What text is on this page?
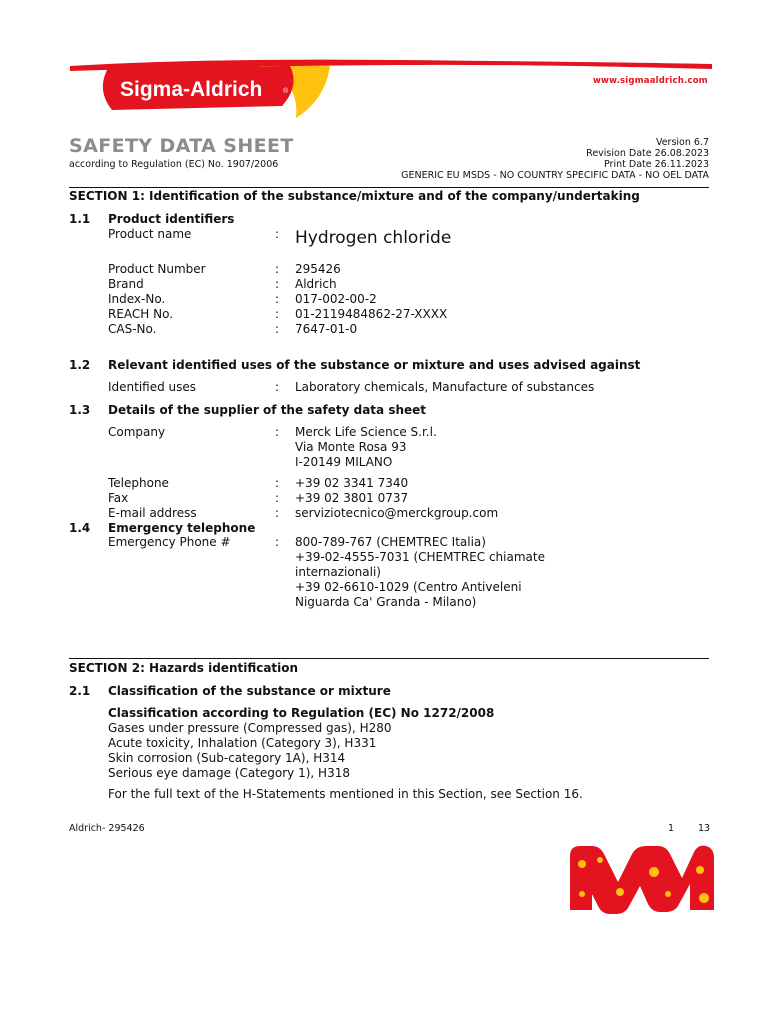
Sigma-Aldrich	®
www.sigmaaldrich.com
SAFETY DATA SHEET
according to Regulation (EC) No. 1907/2006
Version 6.7
Revision Date 26.08.2023
Print Date 26.11.2023
GENERIC EU MSDS - NO COUNTRY SPECIFIC DATA - NO OEL DATA
SECTION 1: Identification of the substance/mixture and of the company/undertaking
1.1 Product identifiers
Product name	: Hydrogen chloride
Product Number	: 295426
Brand	: Aldrich
Index-No.	: 017-002-00-2
REACH No.	: 01-2119484862-27-XXXX
CAS-No.	: 7647-01-0
1.2 Relevant identified uses of the substance or mixture and uses advised against
Identified uses	: Laboratory chemicals, Manufacture of substances
1.3 Details of the supplier of the safety data sheet
Company	: Merck Life Science S.r.l.
Via Monte Rosa 93
I-20149 MILANO
Telephone	: +39 02 3341 7340
Fax	: +39 02 3801 0737
E-mail address	: serviziotecnico@merckgroup.com
1.4 Emergency telephone
Emergency Phone #	: 800-789-767 (CHEMTREC Italia)
+39-02-4555-7031 (CHEMTREC chiamate
internazionali)
+39 02-6610-1029 (Centro Antiveleni
Niguarda Ca' Granda - Milano)
SECTION 2: Hazards identification
2.1 Classification of the substance or mixture
Classification according to Regulation (EC) No 1272/2008
Gases under pressure (Compressed gas), H280
Acute toxicity, Inhalation (Category 3), H331
Skin corrosion (Sub-category 1A), H314
Serious eye damage (Category 1), H318
For the full text of the H-Statements mentioned in this Section, see Section 16.
Aldrich- 295426	1	13
